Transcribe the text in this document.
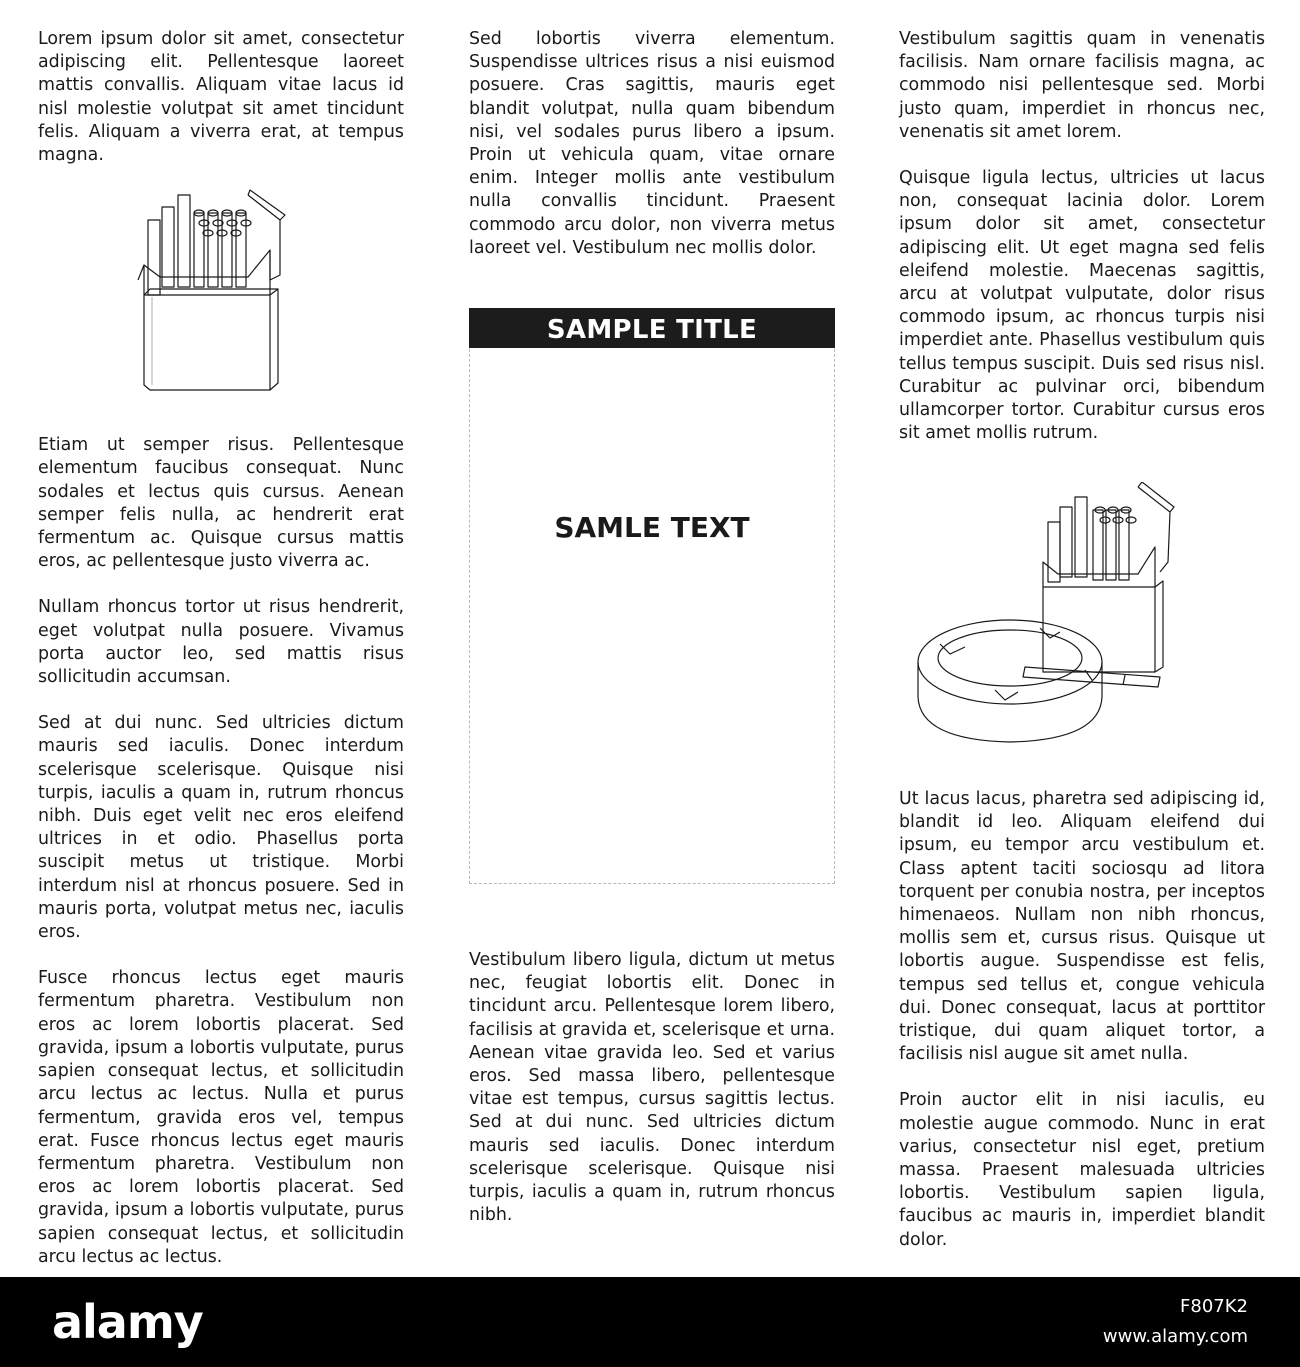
Lorem ipsum dolor sit amet, consectetur adipiscing elit. Pellentesque laoreet mattis convallis. Aliquam vitae lacus id nisl molestie volutpat sit amet tincidunt felis. Aliquam a viverra erat, at tempus magna.

Etiam ut semper risus. Pellentesque elementum faucibus consequat. Nunc sodales et lectus quis cursus. Aenean semper felis nulla, ac hendrerit erat fermentum ac. Quisque cursus mattis eros, ac pellentesque justo viverra ac.

Nullam rhoncus tortor ut risus hendrerit, eget volutpat nulla posuere. Vivamus porta auctor leo, sed mattis risus sollicitudin accumsan.

Sed at dui nunc. Sed ultricies dictum mauris sed iaculis. Donec interdum scelerisque scelerisque. Quisque nisi turpis, iaculis a quam in, rutrum rhoncus nibh. Duis eget velit nec eros eleifend ultrices in et odio. Phasellus porta suscipit metus ut tristique. Morbi interdum nisl at rhoncus posuere. Sed in mauris porta, volutpat metus nec, iaculis eros.

Fusce rhoncus lectus eget mauris fermentum pharetra. Vestibulum non eros ac lorem lobortis placerat. Sed gravida, ipsum a lobortis vulputate, purus sapien consequat lectus, et sollicitudin arcu lectus ac lectus. Nulla et purus fermentum, gravida eros vel, tempus erat. Fusce rhoncus lectus eget mauris fermentum pharetra. Vestibulum non eros ac lorem lobortis placerat. Sed gravida, ipsum a lobortis vulputate, purus sapien consequat lectus, et sollicitudin arcu lectus ac lectus.

Sed lobortis viverra elementum. Suspendisse ultrices risus a nisi euismod posuere. Cras sagittis, mauris eget blandit volutpat, nulla quam bibendum nisi, vel sodales purus libero a ipsum. Proin ut vehicula quam, vitae ornare enim. Integer mollis ante vestibulum nulla convallis tincidunt. Praesent commodo arcu dolor, non viverra metus laoreet vel. Vestibulum nec mollis dolor.

SAMPLE TITLE
SAMLE TEXT

Vestibulum libero ligula, dictum ut metus nec, feugiat lobortis elit. Donec in tincidunt arcu. Pellentesque lorem libero, facilisis at gravida et, scelerisque et urna. Aenean vitae gravida leo. Sed et varius eros. Sed massa libero, pellentesque vitae est tempus, cursus sagittis lectus. Sed at dui nunc. Sed ultricies dictum mauris sed iaculis. Donec interdum scelerisque scelerisque. Quisque nisi turpis, iaculis a quam in, rutrum rhoncus nibh.

Vestibulum sagittis quam in venenatis facilisis. Nam ornare facilisis magna, ac commodo nisi pellentesque sed. Morbi justo quam, imperdiet in rhoncus nec, venenatis sit amet lorem.

Quisque ligula lectus, ultricies ut lacus non, consequat lacinia dolor. Lorem ipsum dolor sit amet, consectetur adipiscing elit. Ut eget magna sed felis eleifend molestie. Maecenas sagittis, arcu at volutpat vulputate, dolor risus commodo ipsum, ac rhoncus turpis nisi imperdiet ante. Phasellus vestibulum quis tellus tempus suscipit. Duis sed risus nisl. Curabitur ac pulvinar orci, bibendum ullamcorper tortor. Curabitur cursus eros sit amet mollis rutrum.

Ut lacus lacus, pharetra sed adipiscing id, blandit id leo. Aliquam eleifend dui ipsum, eu tempor arcu vestibulum et. Class aptent taciti sociosqu ad litora torquent per conubia nostra, per inceptos himenaeos. Nullam non nibh rhoncus, mollis sem et, cursus risus. Quisque ut lobortis augue. Suspendisse est felis, tempus sed tellus et, congue vehicula dui. Donec consequat, lacus at porttitor tristique, dui quam aliquet tortor, a facilisis nisl augue sit amet nulla.

Proin auctor elit in nisi iaculis, eu molestie augue commodo. Nunc in erat varius, consectetur nisl eget, pretium massa. Praesent malesuada ultricies lobortis. Vestibulum sapien ligula, faucibus ac mauris in, imperdiet blandit dolor.

alamy	F807K2
www.alamy.com
